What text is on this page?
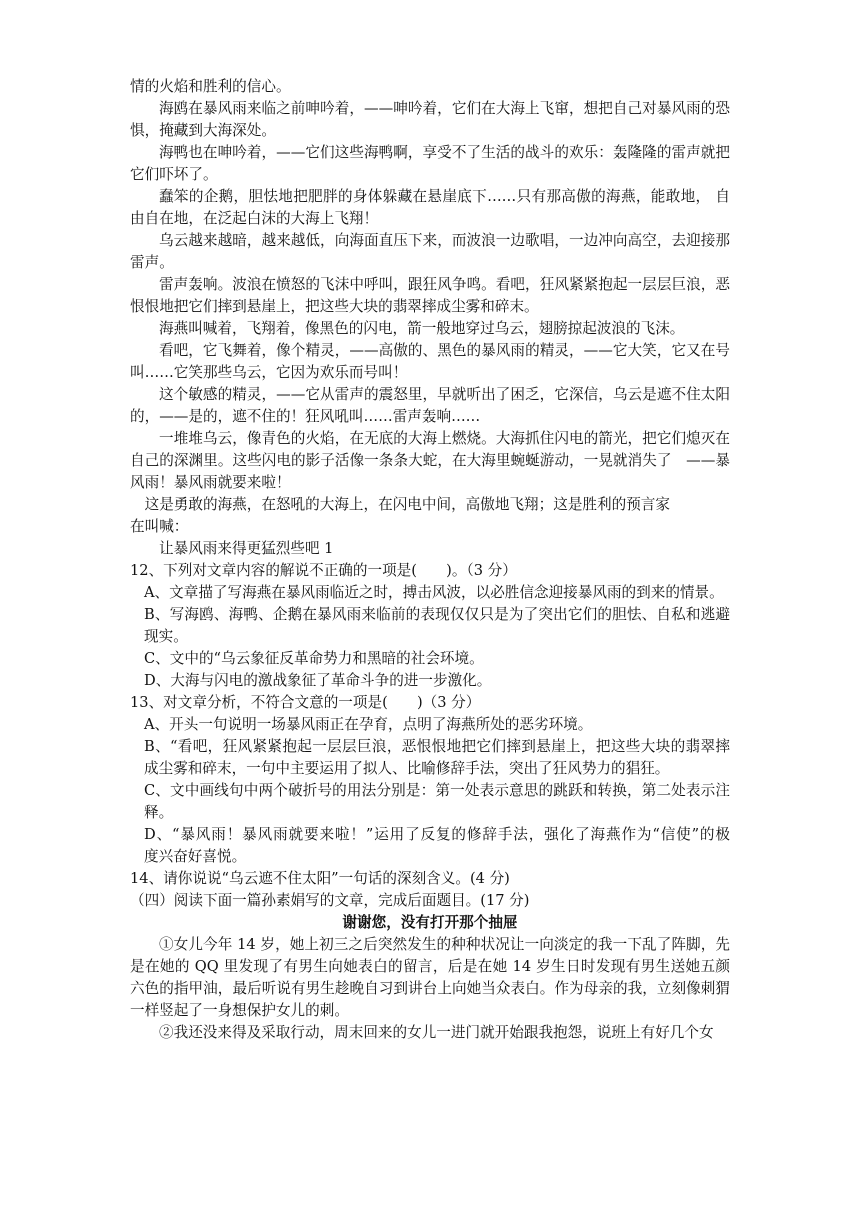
情的火焰和胜利的信心。

海鸥在暴风雨来临之前呻吟着，——呻吟着，它们在大海上飞窜，想把自己对暴风雨的恐惧，掩藏到大海深处。

海鸭也在呻吟着，——它们这些海鸭啊，享受不了生活的战斗的欢乐：轰隆隆的雷声就把它们吓坏了。

蠢笨的企鹅，胆怯地把肥胖的身体躲藏在悬崖底下……只有那高傲的海燕，能敢地， 自由自在地，在泛起白沫的大海上飞翔！

乌云越来越暗，越来越低，向海面直压下来，而波浪一边歌唱，一边冲向高空，去迎接那雷声。

雷声轰响。波浪在愤怒的飞沫中呼叫，跟狂风争鸣。看吧，狂风紧紧抱起一层层巨浪，恶恨恨地把它们摔到悬崖上，把这些大块的翡翠摔成尘雾和碎末。

海燕叫喊着，飞翔着，像黑色的闪电，箭一般地穿过乌云，翅膀掠起波浪的飞沫。

看吧，它飞舞着，像个精灵，——高傲的、黑色的暴风雨的精灵，——它大笑，它又在号叫……它笑那些乌云，它因为欢乐而号叫！

这个敏感的精灵，——它从雷声的震怒里，早就听出了困乏，它深信，乌云是遮不住太阳的，——是的，遮不住的！狂风吼叫……雷声轰响……

一堆堆乌云，像青色的火焰，在无底的大海上燃烧。大海抓住闪电的箭光，把它们熄灭在自己的深渊里。这些闪电的影子活像一条条大蛇，在大海里蜿蜒游动，一晃就消失了　——暴风雨！暴风雨就要来啦！

　这是勇敢的海燕，在怒吼的大海上，在闪电中间，高傲地飞翔；这是胜利的预言家

在叫喊：

让暴风雨来得更猛烈些吧 1

12、下列对文章内容的解说不正确的一项是(　　)。（3 分）

A、文章描了写海燕在暴风雨临近之时，搏击风波，以必胜信念迎接暴风雨的到来的情景。

B、写海鸥、海鸭、企鹅在暴风雨来临前的表现仅仅只是为了突出它们的胆怯、自私和逃避现实。

C、文中的“乌云象征反革命势力和黑暗的社会环境。

D、大海与闪电的激战象征了革命斗争的进一步激化。

13、对文章分析，不符合文意的一项是(　　)（3 分）

A、开头一句说明一场暴风雨正在孕育，点明了海燕所处的恶劣环境。

B、“看吧，狂风紧紧抱起一层层巨浪，恶恨恨地把它们摔到悬崖上，把这些大块的翡翠摔成尘雾和碎末，一句中主要运用了拟人、比喻修辞手法，突出了狂风势力的猖狂。

C、文中画线句中两个破折号的用法分别是：第一处表示意思的跳跃和转换，第二处表示注释。

D、“暴风雨！暴风雨就要来啦！”运用了反复的修辞手法，强化了海燕作为“信使”的极　 度兴奋好喜悦。

14、请你说说“乌云遮不住太阳”一句话的深刻含义。(4 分)

（四）阅读下面一篇孙素娟写的文章，完成后面题目。(17 分)

谢谢您，没有打开那个抽屉

①女儿今年 14 岁，她上初三之后突然发生的种种状况让一向淡定的我一下乱了阵脚，先是在她的 QQ 里发现了有男生向她表白的留言，后是在她 14 岁生日时发现有男生送她五颜六色的指甲油，最后听说有男生趁晚自习到讲台上向她当众表白。作为母亲的我，立刻像刺猬一样竖起了一身想保护女儿的刺。

②我还没来得及采取行动，周末回来的女儿一进门就开始跟我抱怨，说班上有好几个女
